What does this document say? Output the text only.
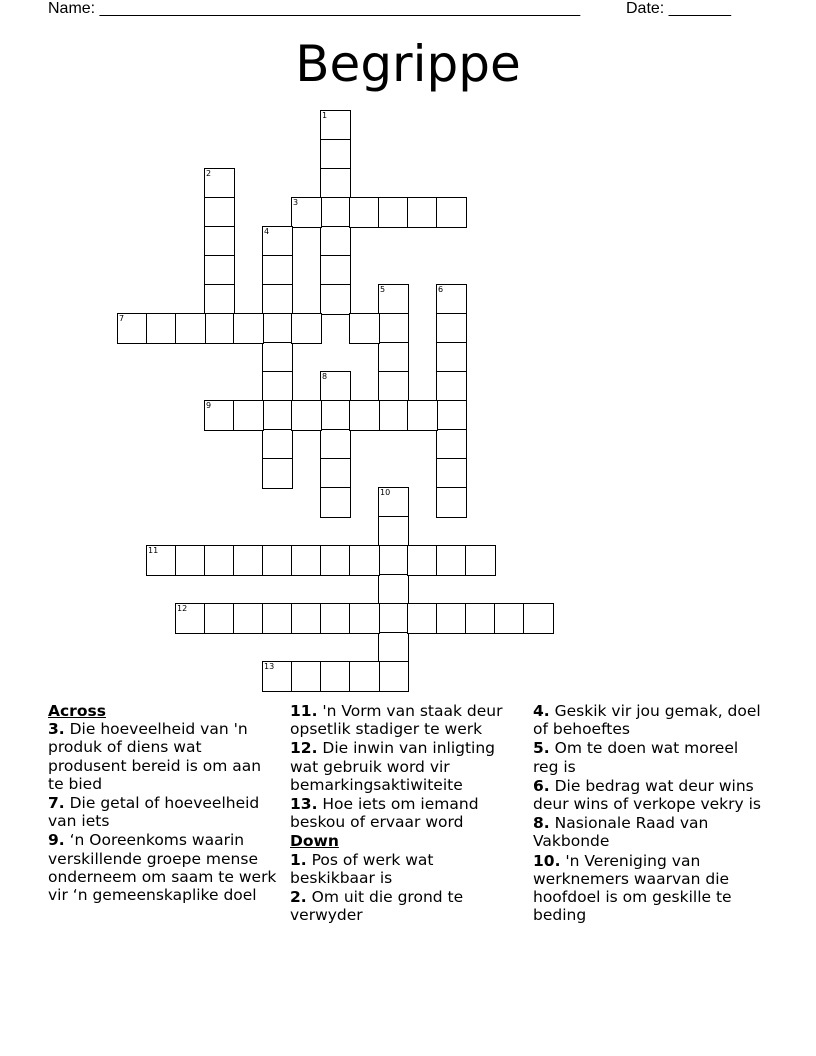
Name: ______________________________________________________	Date: _______
Begrippe
1
2
3
4
5	6
7
8
9
10
11
12
13
Across
3. Die hoeveelheid van 'n produk of diens wat produsent bereid is om aan te bied
7. Die getal of hoeveelheid van iets
9. ‘n Ooreenkoms waarin verskillende groepe mense onderneem om saam te werk vir ‘n gemeenskaplike doel
11. 'n Vorm van staak deur opsetlik stadiger te werk
12. Die inwin van inligting wat gebruik word vir bemarkingsaktiwiteite
13. Hoe iets om iemand beskou of ervaar word
Down
1. Pos of werk wat beskikbaar is
2. Om uit die grond te verwyder
4. Geskik vir jou gemak, doel of behoeftes
5. Om te doen wat moreel reg is
6. Die bedrag wat deur wins deur wins of verkope vekry is
8. Nasionale Raad van Vakbonde
10. 'n Vereniging van werknemers waarvan die hoofdoel is om geskille te beding
